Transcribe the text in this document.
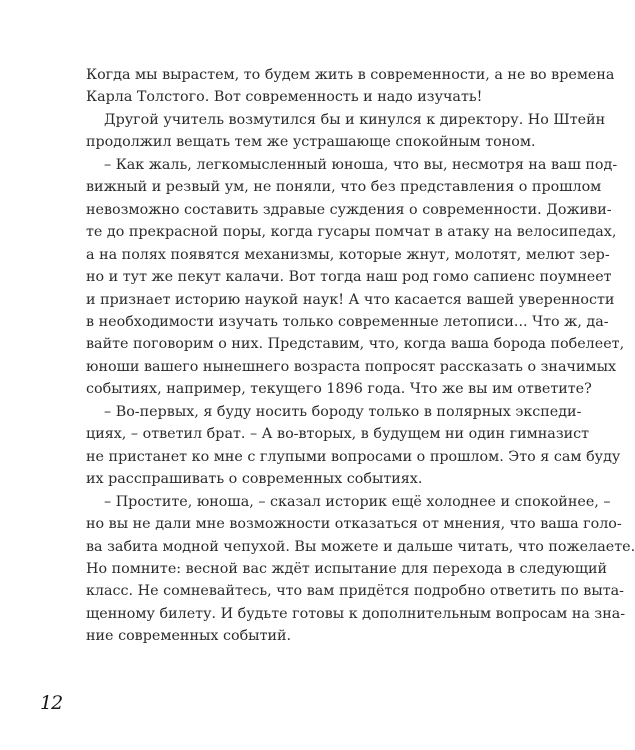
Когда мы вырастем, то будем жить в современности, а не во времена
Карла Толстого. Вот современность и надо изучать!
Другой учитель возмутился бы и кинулся к директору. Но Штейн
продолжил вещать тем же устрашающе спокойным тоном.
– Как жаль, легкомысленный юноша, что вы, несмотря на ваш под-
вижный и резвый ум, не поняли, что без представления о прошлом
невозможно составить здравые суждения о современности. Доживи-
те до прекрасной поры, когда гусары помчат в атаку на велосипедах,
а на полях появятся механизмы, которые жнут, молотят, мелют зер-
но и тут же пекут калачи. Вот тогда наш род гомо сапиенс поумнеет
и признает историю наукой наук! А что касается вашей уверенности
в необходимости изучать только современные летописи... Что ж, да-
вайте поговорим о них. Представим, что, когда ваша борода побелеет,
юноши вашего нынешнего возраста попросят рассказать о значимых
событиях, например, текущего 1896 года. Что же вы им ответите?
– Во-первых, я буду носить бороду только в полярных экспеди-
циях, – ответил брат. – А во-вторых, в будущем ни один гимназист
не пристанет ко мне с глупыми вопросами о прошлом. Это я сам буду
их расспрашивать о современных событиях.
– Простите, юноша, – сказал историк ещё холоднее и спокойнее, –
но вы не дали мне возможности отказаться от мнения, что ваша голо-
ва забита модной чепухой. Вы можете и дальше читать, что пожелаете.
Но помните: весной вас ждёт испытание для перехода в следующий
класс. Не сомневайтесь, что вам придётся подробно ответить по выта-
щенному билету. И будьте готовы к дополнительным вопросам на зна-
ние современных событий.
12
